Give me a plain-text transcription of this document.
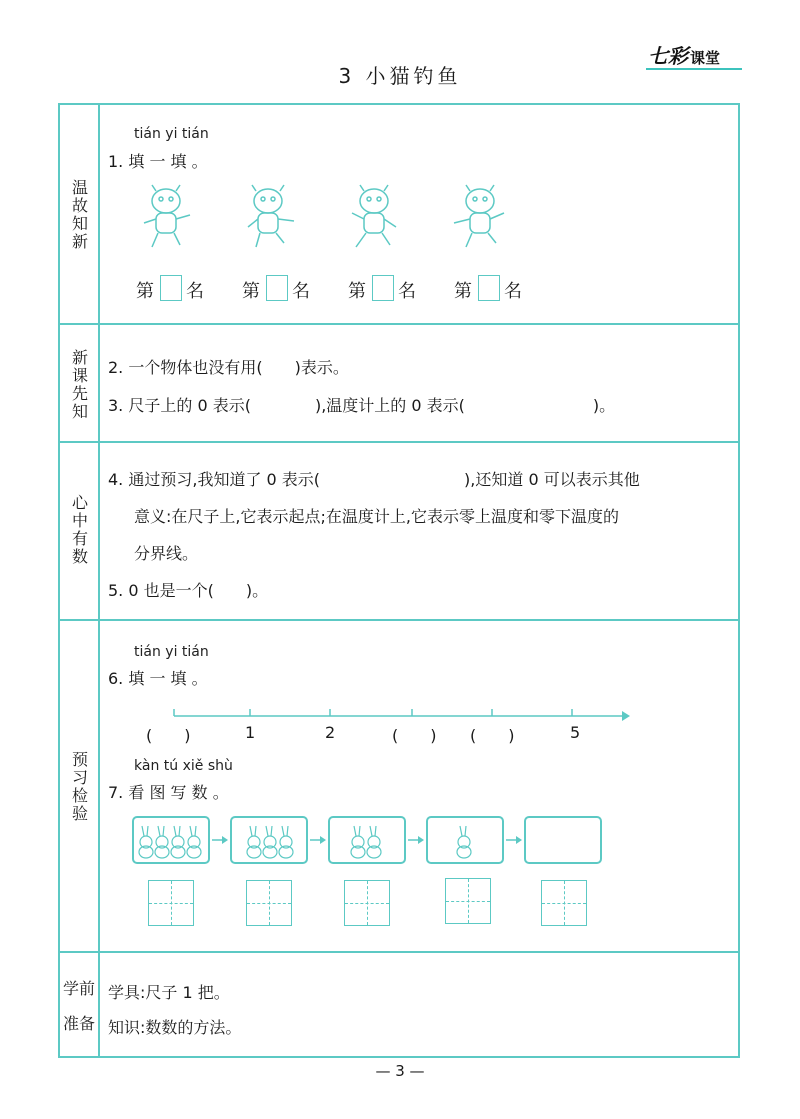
3 小猫钓鱼
七彩 课堂
温故知新
新课先知
心中有数
预习检验
学前
准备
tián yi tián
1. 填 一 填 。
第 名 第 名 第 名 第 名
2. 一个物体也没有用(　　)表示。
3. 尺子上的 0 表示(　　　　),温度计上的 0 表示(　　　　　　　　)。
4. 通过预习,我知道了 0 表示(　　　　　　　　　),还知道 0 可以表示其他
意义:在尺子上,它表示起点;在温度计上,它表示零上温度和零下温度的
分界线。
5. 0 也是一个(　　)。
tián yi tián
6. 填 一 填 。
(　　)	1	2	(　　) (　　)	5
kàn tú xiě shù
7. 看 图 写 数 。
学具:尺子 1 把。
知识:数数的方法。
— 3 —
